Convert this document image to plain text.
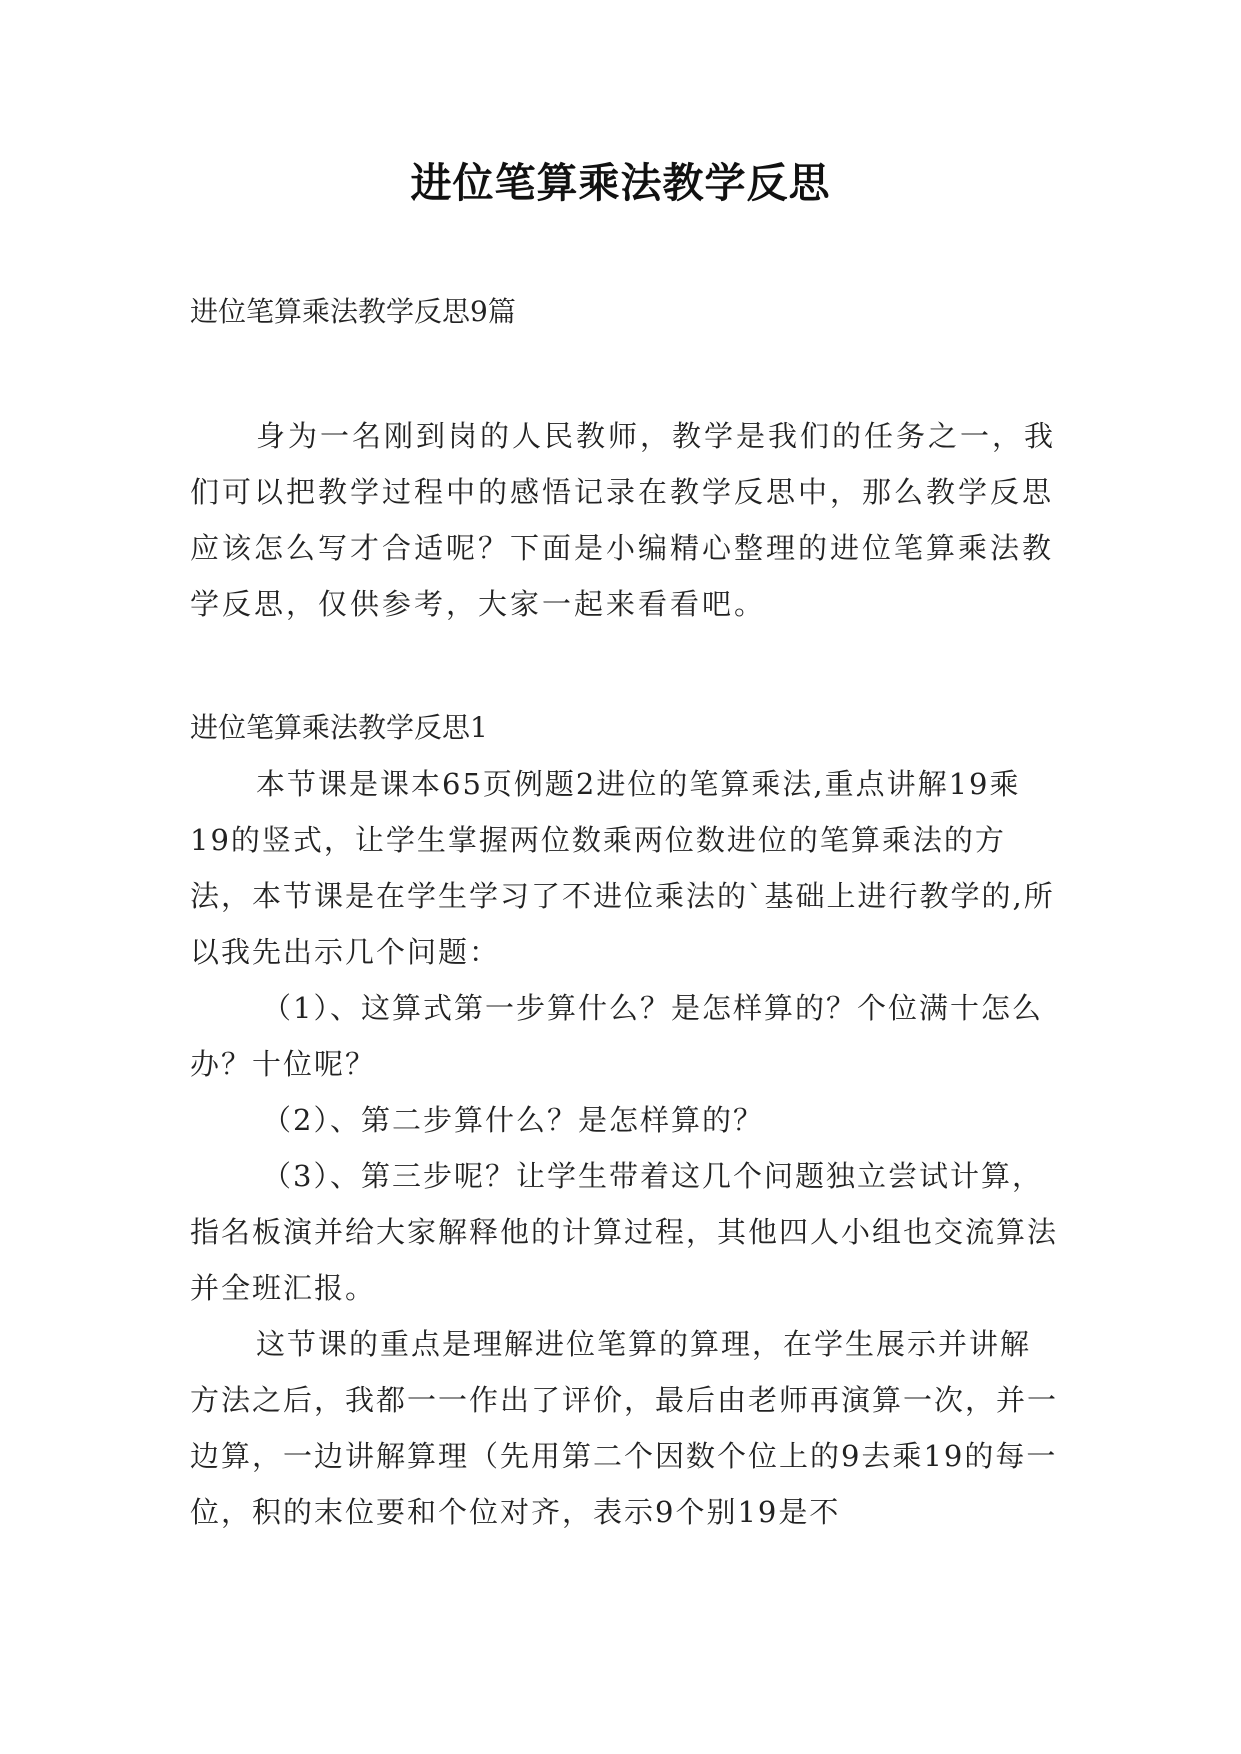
进位笔算乘法教学反思

进位笔算乘法教学反思9篇

身为一名刚到岗的人民教师，教学是我们的任务之一，我们可以把教学过程中的感悟记录在教学反思中，那么教学反思应该怎么写才合适呢？下面是小编精心整理的进位笔算乘法教学反思，仅供参考，大家一起来看看吧。

进位笔算乘法教学反思1

本节课是课本65页例题2进位的笔算乘法,重点讲解19乘19的竖式，让学生掌握两位数乘两位数进位的笔算乘法的方法，本节课是在学生学习了不进位乘法的`基础上进行教学的,所以我先出示几个问题：

（1）、这算式第一步算什么？是怎样算的？个位满十怎么办？十位呢？

（2）、第二步算什么？是怎样算的？

（3）、第三步呢？让学生带着这几个问题独立尝试计算，指名板演并给大家解释他的计算过程，其他四人小组也交流算法并全班汇报。

这节课的重点是理解进位笔算的算理，在学生展示并讲解方法之后，我都一一作出了评价，最后由老师再演算一次，并一边算，一边讲解算理（先用第二个因数个位上的9去乘19的每一位，积的末位要和个位对齐，表示9个别19是不
